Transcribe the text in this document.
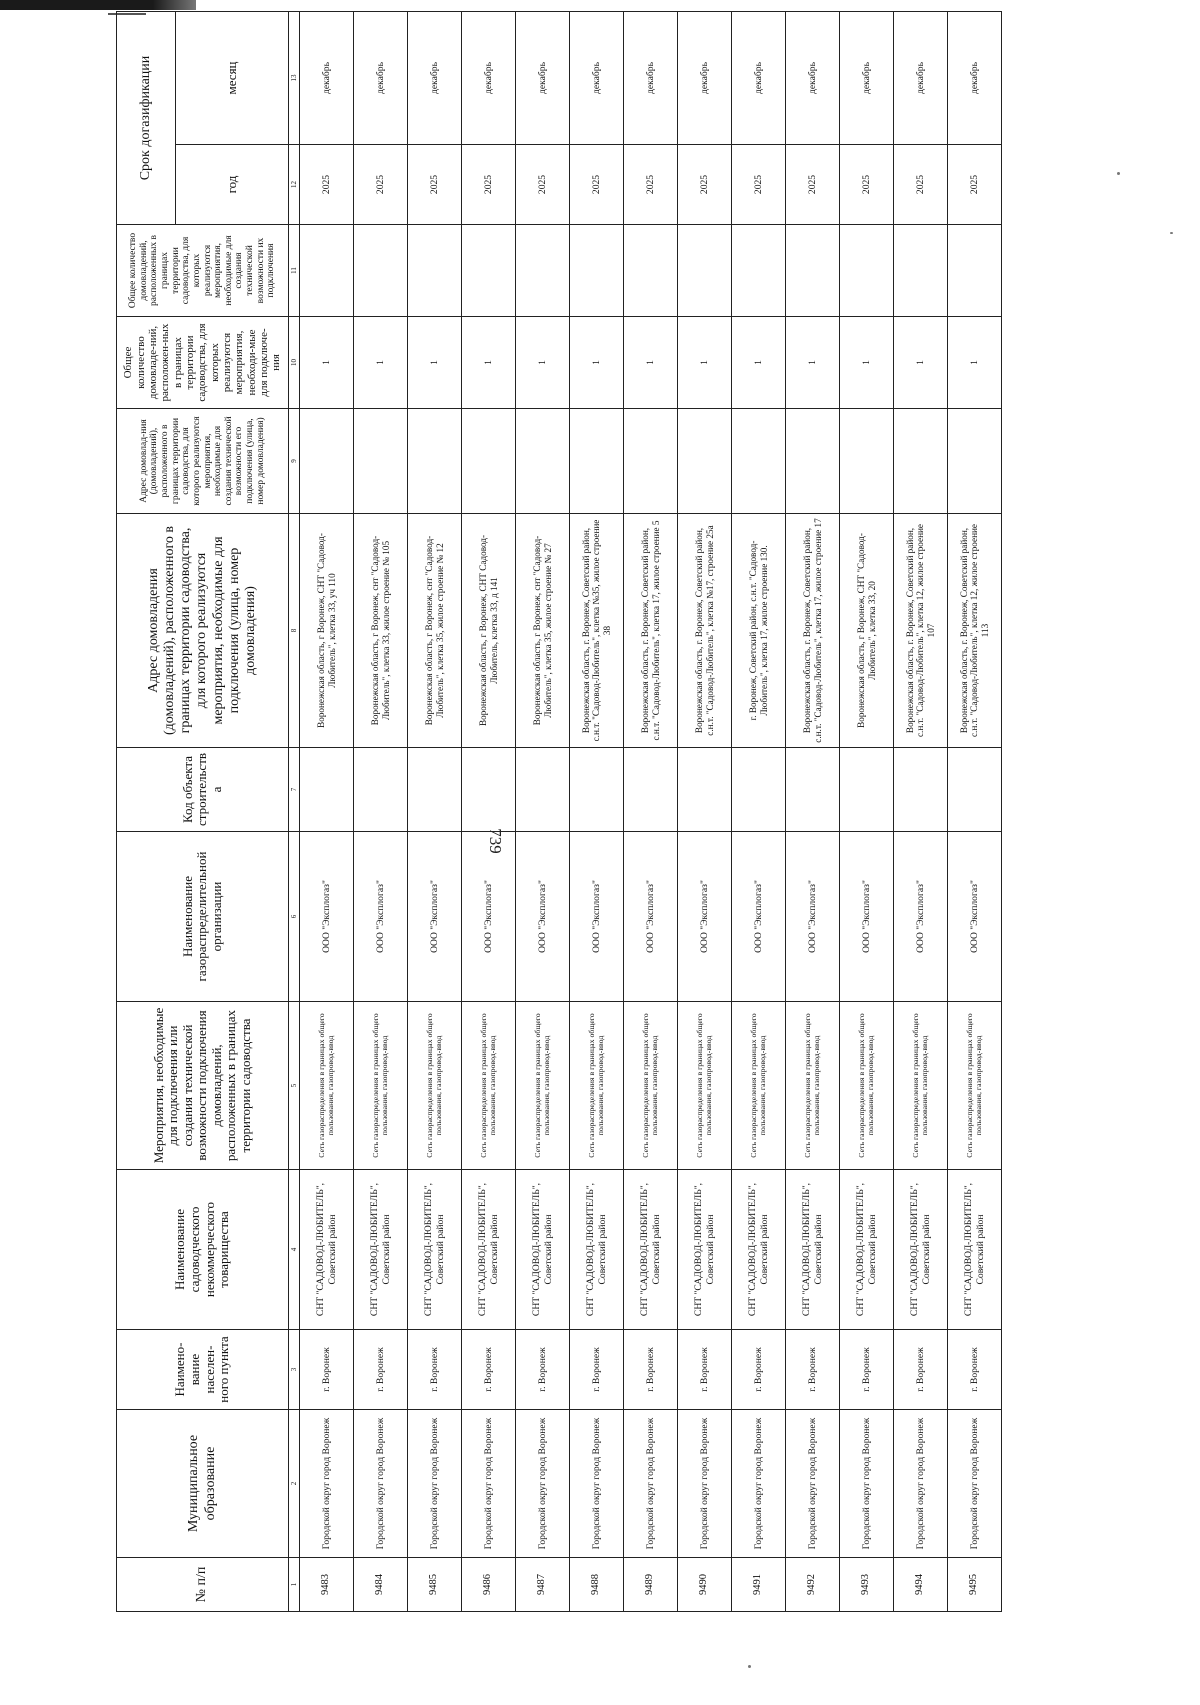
739
№ п/п	Муниципальное образование	Наимено-вание населен-ного пункта	Наименование садоводческого некоммерческого товарищества	Мероприятия, необходимые для подключения или создания технической возможности подключения домовладений, расположенных в границах территории садоводства	Наименование газораспределительной организации	Код объекта строительства	Адрес домовладения (домовладений), расположенного в границах территории садоводства, для которого реализуются мероприятия, необходимые для подключения (улица, номер домовладения)	Адрес домовлад-ния (домовладений), расположенного в границах территории садоводства, для которого реализуются мероприятия, необходимые для создания технической возможности его подключения (улица, номер домовладения)	Общее количество домовладе-ний, расположен-ных в границах территории садоводства, для которых реализуются мероприятия, необходи-мые для подключе-ния	Общее количество домовладений, расположенных в границах территории садоводства, для которых реализуются мероприятия, необходимые для создания технической возможности их подключения	Срок догазификации	
											год	месяц
1	2	3	4	5	6	7	8	9	10	11	12	13
9483	Городской округ город Воронеж	г. Воронеж	СНТ "САДОВОД-ЛЮБИТЕЛЬ", Советский район	Сеть газораспределения в границах общего пользования, газопровод-ввод	ООО "Эксплогаз"		Воронежская область, г Воронеж, СНТ "Садовод-Любитель", клетка 33, уч 110		1		2025	декабрь
9484	Городской округ город Воронеж	г. Воронеж	СНТ "САДОВОД-ЛЮБИТЕЛЬ", Советский район	Сеть газораспределения в границах общего пользования, газопровод-ввод	ООО "Эксплогаз"		Воронежская область, г Воронеж, снт "Садовод-Любитель", клетка 33, жилое строение № 105		1		2025	декабрь
9485	Городской округ город Воронеж	г. Воронеж	СНТ "САДОВОД-ЛЮБИТЕЛЬ", Советский район	Сеть газораспределения в границах общего пользования, газопровод-ввод	ООО "Эксплогаз"		Воронежская область, г Воронеж, снт "Садовод-Любитель", клетка 35, жилое строение № 12		1		2025	декабрь
9486	Городской округ город Воронеж	г. Воронеж	СНТ "САДОВОД-ЛЮБИТЕЛЬ", Советский район	Сеть газораспределения в границах общего пользования, газопровод-ввод	ООО "Эксплогаз"		Воронежская область, г Воронеж, СНТ Садовод-Любитель, клетка 33, д 141		1		2025	декабрь
9487	Городской округ город Воронеж	г. Воронеж	СНТ "САДОВОД-ЛЮБИТЕЛЬ", Советский район	Сеть газораспределения в границах общего пользования, газопровод-ввод	ООО "Эксплогаз"		Воронежская область, г Воронеж, снт "Садовод-Любитель", клетка 35, жилое строение № 27		1		2025	декабрь
9488	Городской округ город Воронеж	г. Воронеж	СНТ "САДОВОД-ЛЮБИТЕЛЬ", Советский район	Сеть газораспределения в границах общего пользования, газопровод-ввод	ООО "Эксплогаз"		Воронежская область, г. Воронеж, Советский район, с.н.т. "Садовод-Любитель", клетка №35, жилое строение 38		1		2025	декабрь
9489	Городской округ город Воронеж	г. Воронеж	СНТ "САДОВОД-ЛЮБИТЕЛЬ", Советский район	Сеть газораспределения в границах общего пользования, газопровод-ввод	ООО "Эксплогаз"		Воронежская область, г. Воронеж, Советский район, с.н.т. "Садовод-Любитель", клетка 17, жилое строение 5		1		2025	декабрь
9490	Городской округ город Воронеж	г. Воронеж	СНТ "САДОВОД-ЛЮБИТЕЛЬ", Советский район	Сеть газораспределения в границах общего пользования, газопровод-ввод	ООО "Эксплогаз"		Воронежская область, г. Воронеж, Советский район, с.н.т. "Садовод-Любитель", клетка №17, строение 25а		1		2025	декабрь
9491	Городской округ город Воронеж	г. Воронеж	СНТ "САДОВОД-ЛЮБИТЕЛЬ", Советский район	Сеть газораспределения в границах общего пользования, газопровод-ввод	ООО "Эксплогаз"		г. Воронеж, Советский район, с.н.т. "Садовод-Любитель", клетка 17, жилое строение 130.		1		2025	декабрь
9492	Городской округ город Воронеж	г. Воронеж	СНТ "САДОВОД-ЛЮБИТЕЛЬ", Советский район	Сеть газораспределения в границах общего пользования, газопровод-ввод	ООО "Эксплогаз"		Воронежская область, г. Воронеж, Советский район, с.н.т. "Садовод-Любитель", клетка 17, жилое строение 17		1		2025	декабрь
9493	Городской округ город Воронеж	г. Воронеж	СНТ "САДОВОД-ЛЮБИТЕЛЬ", Советский район	Сеть газораспределения в границах общего пользования, газопровод-ввод	ООО "Эксплогаз"		Воронежская область, г Воронеж, СНТ "Садовод-Любитель", клетка 33, 20		1		2025	декабрь
9494	Городской округ город Воронеж	г. Воронеж	СНТ "САДОВОД-ЛЮБИТЕЛЬ", Советский район	Сеть газораспределения в границах общего пользования, газопровод-ввод	ООО "Эксплогаз"		Воронежская область, г. Воронеж, Советский район, с.н.т. "Садовод-Любитель", клетка 12, жилое строение 107		1		2025	декабрь
9495	Городской округ город Воронеж	г. Воронеж	СНТ "САДОВОД-ЛЮБИТЕЛЬ", Советский район	Сеть газораспределения в границах общего пользования, газопровод-ввод	ООО "Эксплогаз"		Воронежская область, г. Воронеж, Советский район, с.н.т. "Садовод-Любитель", клетка 12, жилое строение 113		1		2025	декабрь
